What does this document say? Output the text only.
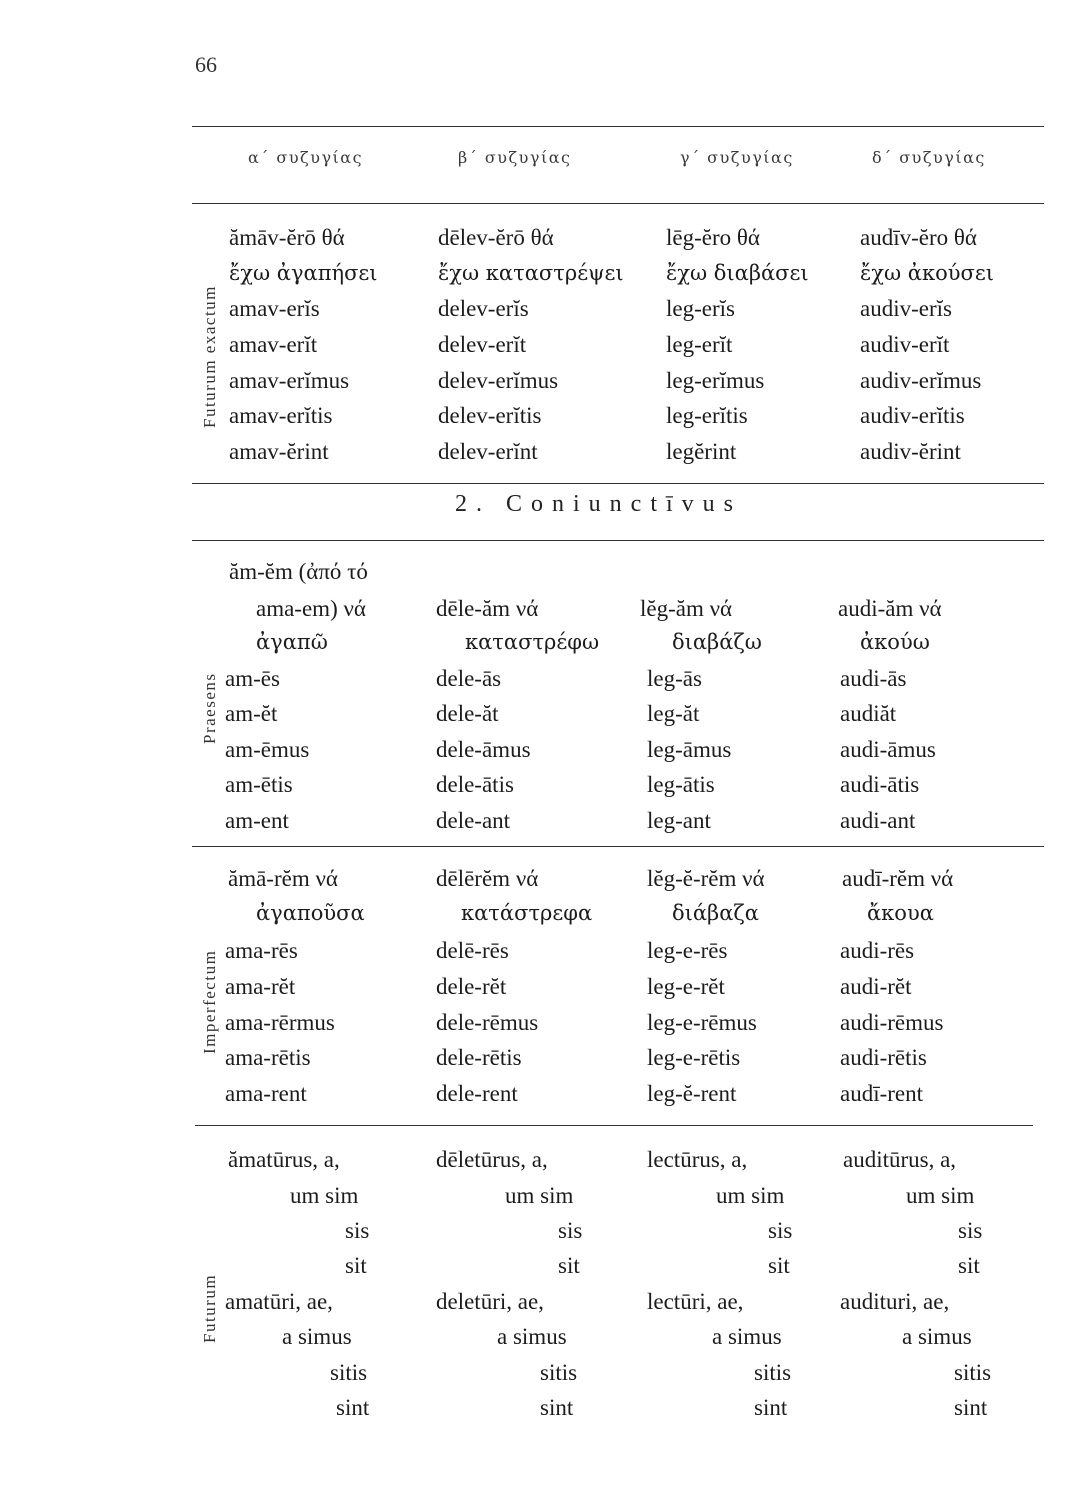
66
α΄ συζυγίας	β΄ συζυγίας	γ΄ συζυγίας	δ΄ συζυγίας
Futurum exactum
ămāv-ĕrō θά	dēlev-ĕrō θά	lēg-ĕro θά	audīv-ĕro θά
ἔχω ἀγαπήσει	ἔχω καταστρέψει ἔχω διαβάσει ἔχω ἀκούσει
amav-erĭs	delev-erĭs	leg-erĭs	audiv-erĭs
amav-erĭt	delev-erĭt	leg-erĭt	audiv-erĭt
amav-erĭmus	delev-erĭmus	leg-erĭmus	audiv-erĭmus
amav-erĭtis	delev-erĭtis	leg-erĭtis	audiv-erĭtis
amav-ĕrint	delev-erĭnt	legĕrint	audiv-ĕrint
2. Coniunctīvus
Praesens
ăm-ĕm (ἀπό τό
ama-em) νά	dēle-ăm νά	lĕg-ăm νά	audi-ăm νά
ἀγαπῶ	καταστρέφω	διαβάζω	ἀκούω
am-ēs	dele-ās	leg-ās	audi-ās
am-ĕt	dele-ăt	leg-ăt	audiăt
am-ēmus	dele-āmus	leg-āmus	audi-āmus
am-ētis	dele-ātis	leg-ātis	audi-ātis
am-ent	dele-ant	leg-ant	audi-ant
Imperfectum
ămā-rĕm νά	dēlērĕm νά	lĕg-ĕ-rĕm νά	audī-rĕm νά
ἀγαποῦσα	κατάστρεφα	διάβαζα	ἄκουα
ama-rēs	delē-rēs	leg-e-rēs	audi-rēs
ama-rĕt	dele-rĕt	leg-e-rĕt	audi-rĕt
ama-rērmus	dele-rēmus	leg-e-rēmus	audi-rēmus
ama-rētis	dele-rētis	leg-e-rētis	audi-rētis
ama-rent	dele-rent	leg-ĕ-rent	audī-rent
Futurum
ămatūrus, a,	dēletūrus, a,	lectūrus, a,	auditūrus, a,
um sim	um sim	um sim	um sim
sis	sis	sis	sis
sit	sit	sit	sit
amatūri, ae,	deletūri, ae,	lectūri, ae,	audituri, ae,
a simus	a simus	a simus	a simus
sitis	sitis	sitis	sitis
sint	sint	sint	sint
